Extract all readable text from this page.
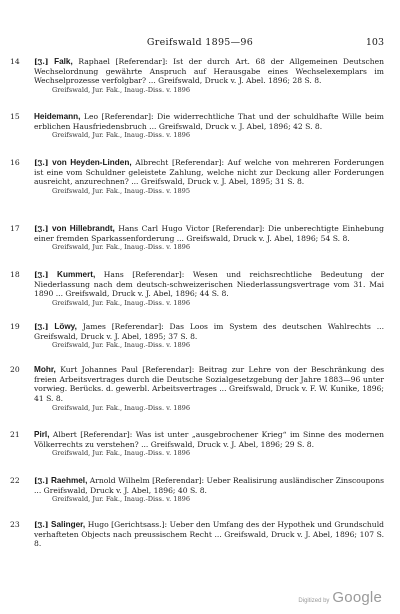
Greifswald 1895—96	103
14 [𝔍.] Falk, Raphael [Referendar]: Ist der durch Art. 68 der Allgemeinen Deutschen Wechselordnung gewährte Anspruch auf Herausgabe eines Wechselexemplars im Wechselprozesse verfolgbar? ... Greifswald, Druck v. J. Abel. 1896; 28 S. 8.
Greifswald, Jur. Fak., Inaug.-Diss. v. 1896
15 Heidemann, Leo [Referendar]: Die widerrechtliche That und der schuldhafte Wille beim erblichen Hausfriedensbruch ... Greifswald, Druck v. J. Abel, 1896; 42 S. 8.
Greifswald, Jur. Fak., Inaug.-Diss. v. 1896
16 [𝔍.] von Heyden-Linden, Albrecht [Referendar]: Auf welche von mehreren Forderungen ist eine vom Schuldner geleistete Zahlung, welche nicht zur Deckung aller Forderungen ausreicht, anzurechnen? ... Greifswald, Druck v. J. Abel, 1895; 31 S. 8.
Greifswald, Jur. Fak., Inaug.-Diss. v. 1895
17 [𝔍.] von Hillebrandt, Hans Carl Hugo Victor [Referendar]: Die unberechtigte Einhebung einer fremden Sparkassenforderung ... Greifswald, Druck v. J. Abel, 1896; 54 S. 8.
Greifswald, Jur. Fak., Inaug.-Diss. v. 1896
18 [𝔍.] Kummert, Hans [Referendar]: Wesen und reichsrechtliche Bedeutung der Niederlassung nach dem deutsch-schweizerischen Niederlassungsvertrage vom 31. Mai 1890 ... Greifswald, Druck v. J. Abel, 1896; 44 S. 8.
Greifswald, Jur. Fak., Inaug.-Diss. v. 1896
19 [𝔍.] Löwy, James [Referendar]: Das Loos im System des deutschen Wahlrechts ... Greifswald, Druck v. J. Abel, 1895; 37 S. 8.
Greifswald, Jur. Fak., Inaug.-Diss. v. 1896
20 Mohr, Kurt Johannes Paul [Referendar]: Beitrag zur Lehre von der Beschränkung des freien Arbeitsvertrages durch die Deutsche Sozialgesetzgebung der Jahre 1883—96 unter vorwieg. Berücks. d. gewerbl. Arbeitsvertrages ... Greifswald, Druck v. F. W. Kunike, 1896; 41 S. 8.
Greifswald, Jur. Fak., Inaug.-Diss. v. 1896
21 Pirl, Albert [Referendar]: Was ist unter „ausgebrochener Krieg“ im Sinne des modernen Völkerrechts zu verstehen? ... Greifswald, Druck v. J. Abel, 1896; 29 S. 8.
Greifswald, Jur. Fak., Inaug.-Diss. v. 1896
22 [𝔍.] Raehmel, Arnold Wilhelm [Referendar]: Ueber Realisirung ausländischer Zinscoupons ... Greifswald, Druck v. J. Abel, 1896; 40 S. 8.
Greifswald, Jur. Fak., Inaug.-Diss. v. 1896
23 [𝔍.] Salinger, Hugo [Gerichtsass.]: Ueber den Umfang des der Hypothek und Grundschuld verhafteten Objects nach preussischem Recht ... Greifswald, Druck v. J. Abel, 1896; 107 S. 8.
Digitized by Google
